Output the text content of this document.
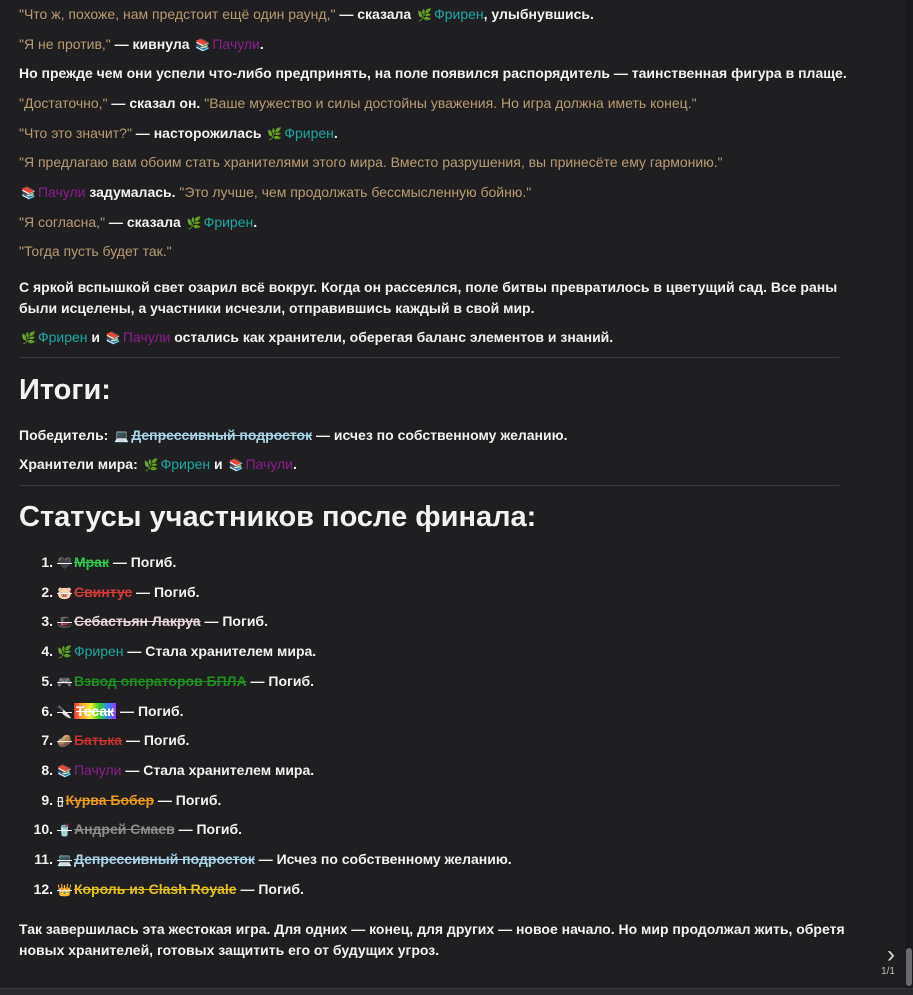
"Что ж, похоже, нам предстоит ещё один раунд," — сказала 🌿 Фрирен, улыбнувшись.
"Я не против," — кивнула 📚 Пачули.
Но прежде чем они успели что-либо предпринять, на поле появился распорядитель — таинственная фигура в плаще.
"Достаточно," — сказал он. "Ваше мужество и силы достойны уважения. Но игра должна иметь конец."
"Что это значит?" — насторожилась 🌿 Фрирен.
"Я предлагаю вам обоим стать хранителями этого мира. Вместо разрушения, вы принесёте ему гармонию."
📚 Пачули задумалась. "Это лучше, чем продолжать бессмысленную бойню."
"Я согласна," — сказала 🌿 Фрирен.
"Тогда пусть будет так."
С яркой вспышкой свет озарил всё вокруг. Когда он рассеялся, поле битвы превратилось в цветущий сад. Все раны были исцелены, а участники исчезли, отправившись каждый в свой мир.
🌿 Фрирен и 📚 Пачули остались как хранители, оберегая баланс элементов и знаний.
Итоги:
Победитель: 💻 Депрессивный подросток — исчез по собственному желанию.
Хранители мира: 🌿 Фрирен и 📚 Пачули.
Статусы участников после финала:
1. 🖤 Мрак — Погиб.
2. 🐷 Свинтус — Погиб.
3. 🎩 Себастьян Лакруа — Погиб.
4. 🌿 Фрирен — Стала хранителем мира.
5. 🎮 Взвод операторов БПЛА — Погиб.
6. 🔪 Тесак — Погиб.
7. 🥔 Батька — Погиб.
8. 📚 Пачули — Стала хранителем мира.
9. ▯ Курва Бобер — Погиб.
10. 🥤 Андрей Смаев — Погиб.
11. 💻 Депрессивный подросток — Исчез по собственному желанию.
12. 👑 Король из Clash Royale — Погиб.
Так завершилась эта жестокая игра. Для одних — конец, для других — новое начало. Но мир продолжал жить, обретя новых хранителей, готовых защитить его от будущих угроз.	›
1/1
